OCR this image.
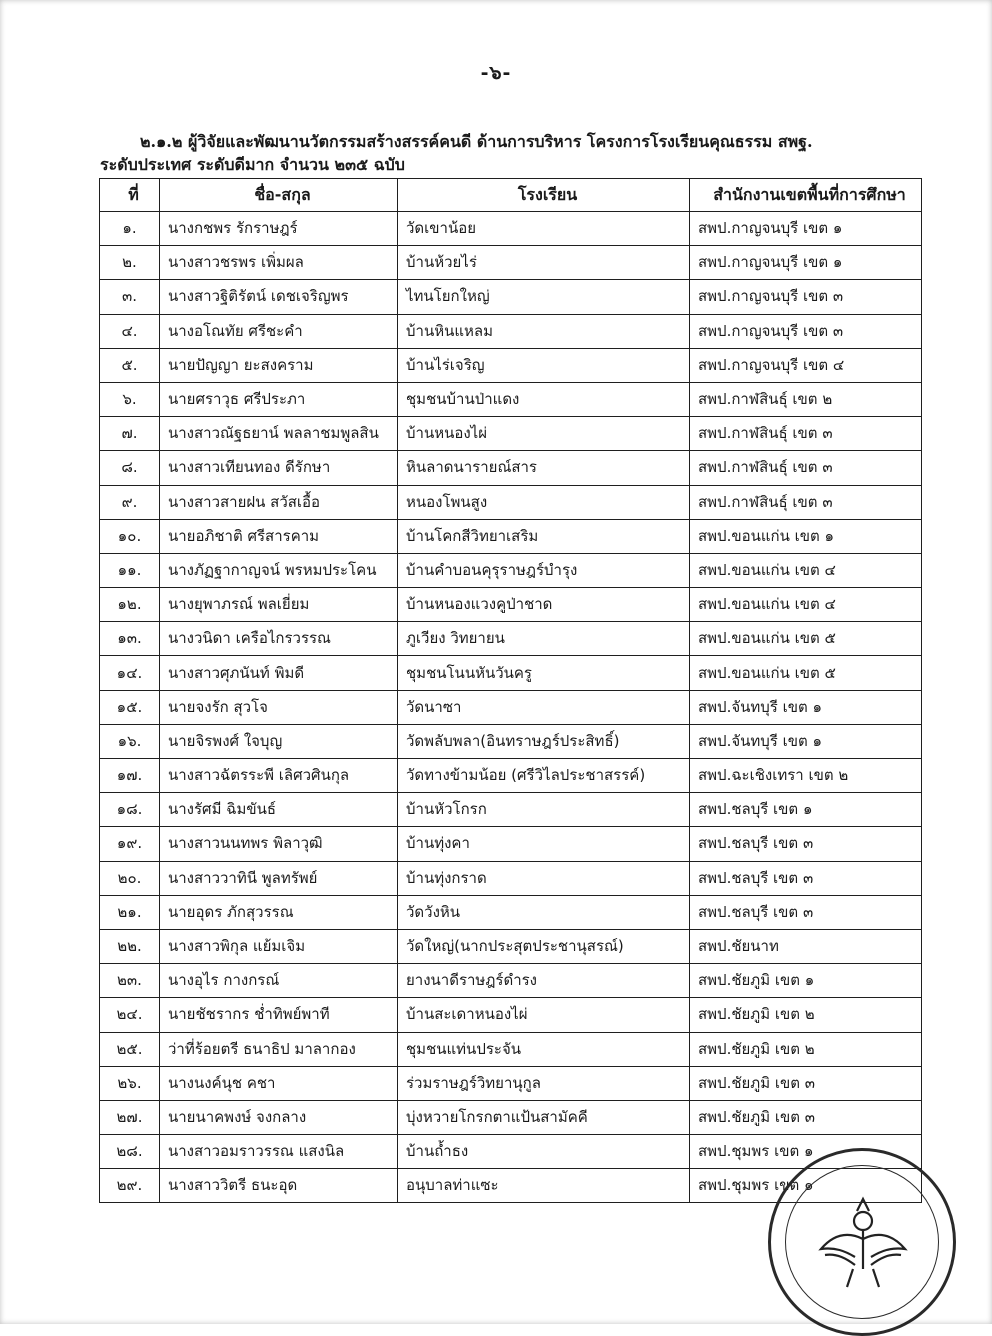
-๖-
๒.๑.๒ ผู้วิจัยและพัฒนานวัตกรรมสร้างสรรค์คนดี ด้านการบริหาร โครงการโรงเรียนคุณธรรม สพฐ.
ระดับประเทศ ระดับดีมาก จำนวน ๒๓๕ ฉบับ
ที่	ชื่อ-สกุล	โรงเรียน	สำนักงานเขตพื้นที่การศึกษา
๑.	นางกชพร รักราษฎร์	วัดเขาน้อย	สพป.กาญจนบุรี เขต ๑
๒.	นางสาวชรพร เพิ่มผล	บ้านห้วยไร่	สพป.กาญจนบุรี เขต ๑
๓.	นางสาวฐิติรัตน์ เดชเจริญพร	ไทนโยกใหญ่	สพป.กาญจนบุรี เขต ๓
๔.	นางอโณทัย ศรีชะคำ	บ้านหินแหลม	สพป.กาญจนบุรี เขต ๓
๕.	นายปัญญา ยะสงคราม	บ้านไร่เจริญ	สพป.กาญจนบุรี เขต ๔
๖.	นายศราวุธ ศรีประภา	ชุมชนบ้านป่าแดง	สพป.กาฬสินธุ์ เขต ๒
๗.	นางสาวณัฐธยาน์ พลลาชมพูลสิน	บ้านหนองไผ่	สพป.กาฬสินธุ์ เขต ๓
๘.	นางสาวเทียนทอง ดีรักษา	หินลาดนารายณ์สาร	สพป.กาฬสินธุ์ เขต ๓
๙.	นางสาวสายฝน สวัสเอื้อ	หนองโพนสูง	สพป.กาฬสินธุ์ เขต ๓
๑๐.	นายอภิชาติ ศรีสารคาม	บ้านโคกสีวิทยาเสริม	สพป.ขอนแก่น เขต ๑
๑๑.	นางภัฏฐากาญจน์ พรหมประโคน	บ้านคำบอนคุรุราษฎร์บำรุง	สพป.ขอนแก่น เขต ๔
๑๒.	นางยุพาภรณ์ พลเยี่ยม	บ้านหนองแวงคูป่าชาด	สพป.ขอนแก่น เขต ๔
๑๓.	นางวนิดา เครือไกรวรรณ	ภูเวียง วิทยายน	สพป.ขอนแก่น เขต ๕
๑๔.	นางสาวศุภนันท์ พิมดี	ชุมชนโนนหันวันครู	สพป.ขอนแก่น เขต ๕
๑๕.	นายจงรัก สุวโจ	วัดนาซา	สพป.จันทบุรี เขต ๑
๑๖.	นายจิรพงศ์ ใจบุญ	วัดพลับพลา(อินทราษฎร์ประสิทธิ์)	สพป.จันทบุรี เขต ๑
๑๗.	นางสาวฉัตรระพี เลิศวศินกุล	วัดทางข้ามน้อย (ศรีวิไลประชาสรรค์)	สพป.ฉะเชิงเทรา เขต ๒
๑๘.	นางรัศมี ฉิมขันธ์	บ้านหัวโกรก	สพป.ชลบุรี เขต ๑
๑๙.	นางสาวนนทพร พิลาวุฒิ	บ้านทุ่งคา	สพป.ชลบุรี เขต ๓
๒๐.	นางสาววาทินี พูลทรัพย์	บ้านทุ่งกราด	สพป.ชลบุรี เขต ๓
๒๑.	นายอุดร ภักสุวรรณ	วัดวังหิน	สพป.ชลบุรี เขต ๓
๒๒.	นางสาวพิกุล แย้มเจิม	วัดใหญ่(นากประสุตประชานุสรณ์)	สพป.ชัยนาท
๒๓.	นางอุไร กางกรณ์	ยางนาดีราษฎร์ดำรง	สพป.ชัยภูมิ เขต ๑
๒๔.	นายชัชรากร ช่ำทิพย์พาที	บ้านสะเดาหนองไผ่	สพป.ชัยภูมิ เขต ๒
๒๕.	ว่าที่ร้อยตรี ธนาธิป มาลากอง	ชุมชนแท่นประจัน	สพป.ชัยภูมิ เขต ๒
๒๖.	นางนงค์นุช คชา	ร่วมราษฎร์วิทยานุกูล	สพป.ชัยภูมิ เขต ๓
๒๗.	นายนาคพงษ์ จงกลาง	บุ่งหวายโกรกตาแป้นสามัคคี	สพป.ชัยภูมิ เขต ๓
๒๘.	นางสาวอมราวรรณ แสงนิล	บ้านถ้ำธง	สพป.ชุมพร เขต ๑
๒๙.	นางสาววิตรี ธนะอุด	อนุบาลท่าแซะ	สพป.ชุมพร เขต ๑
